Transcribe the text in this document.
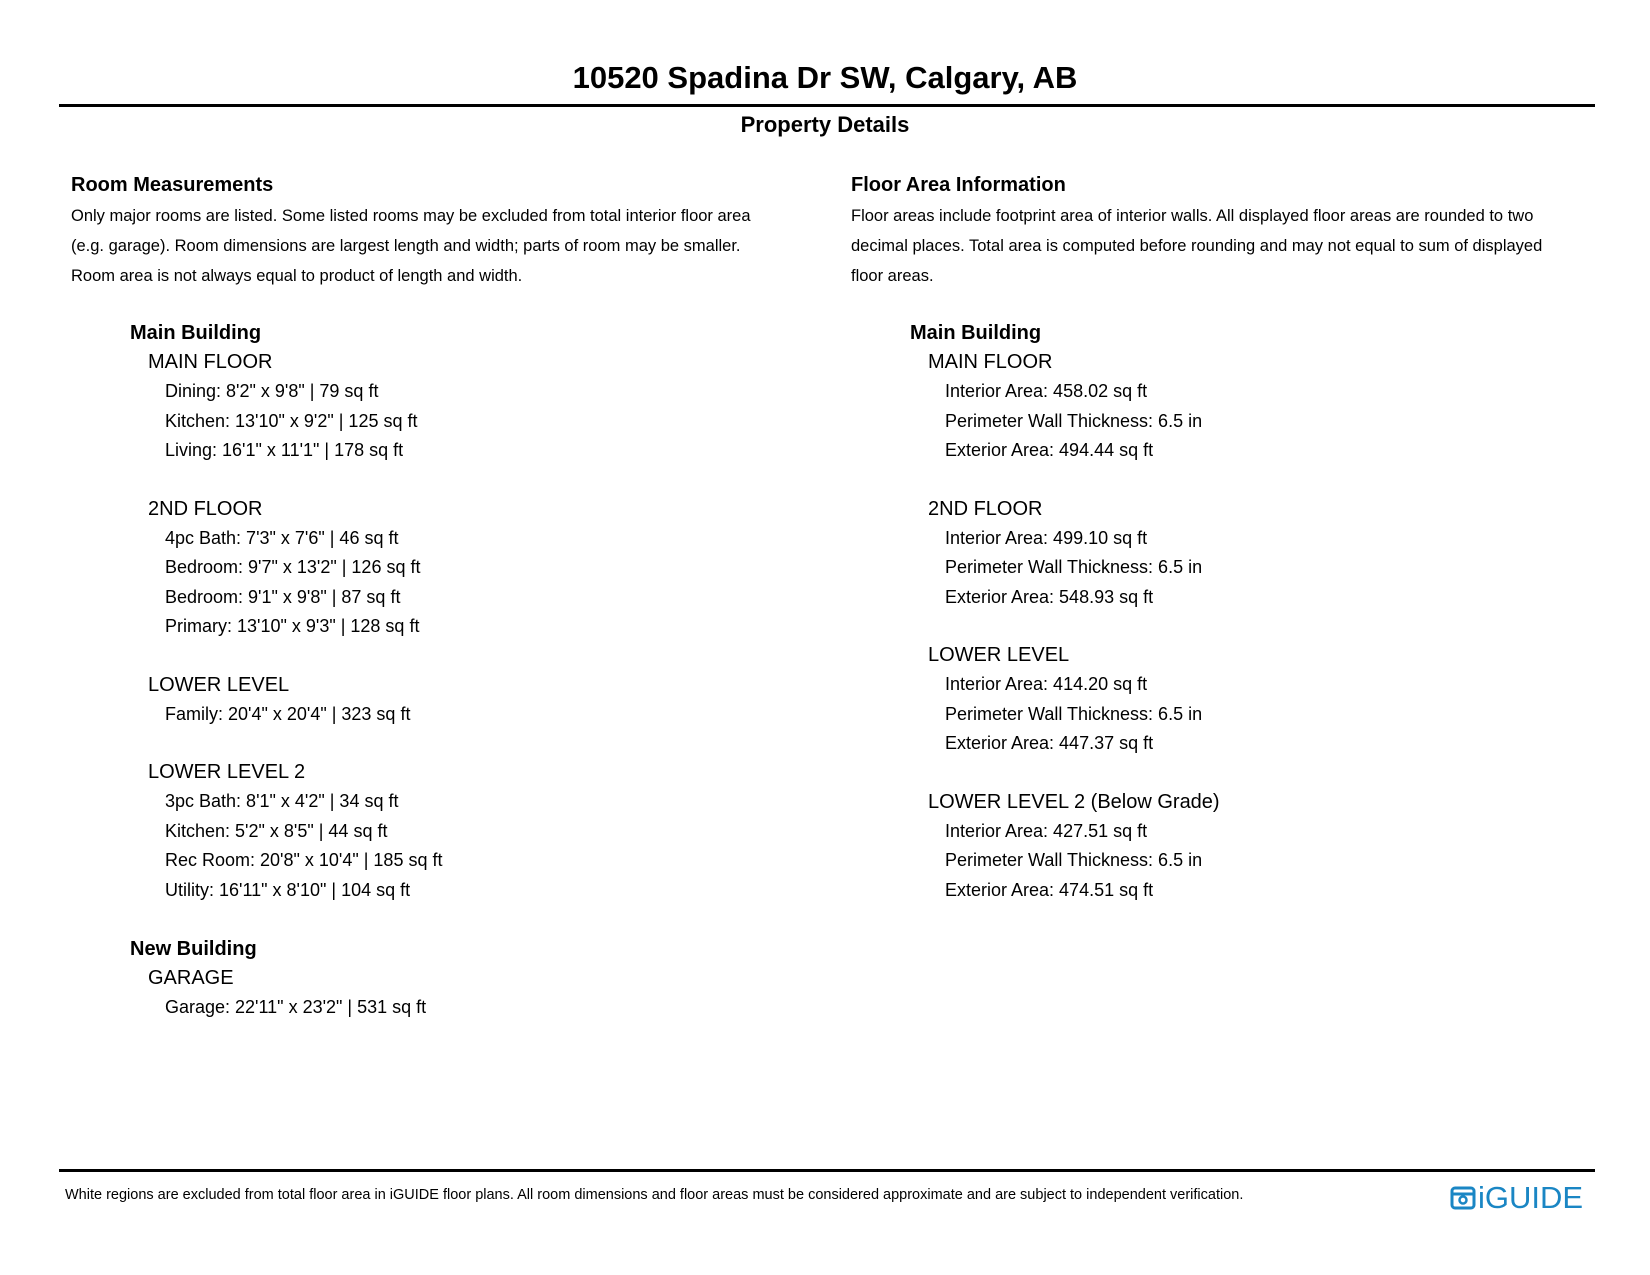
10520 Spadina Dr SW, Calgary, AB
Property Details
Room Measurements
Only major rooms are listed. Some listed rooms may be excluded from total interior floor area
(e.g. garage). Room dimensions are largest length and width; parts of room may be smaller.
Room area is not always equal to product of length and width.
Main Building
MAIN FLOOR
Dining: 8'2" x 9'8" | 79 sq ft
Kitchen: 13'10" x 9'2" | 125 sq ft
Living: 16'1" x 11'1" | 178 sq ft
2ND FLOOR
4pc Bath: 7'3" x 7'6" | 46 sq ft
Bedroom: 9'7" x 13'2" | 126 sq ft
Bedroom: 9'1" x 9'8" | 87 sq ft
Primary: 13'10" x 9'3" | 128 sq ft
LOWER LEVEL
Family: 20'4" x 20'4" | 323 sq ft
LOWER LEVEL 2
3pc Bath: 8'1" x 4'2" | 34 sq ft
Kitchen: 5'2" x 8'5" | 44 sq ft
Rec Room: 20'8" x 10'4" | 185 sq ft
Utility: 16'11" x 8'10" | 104 sq ft
New Building
GARAGE
Garage: 22'11" x 23'2" | 531 sq ft
Floor Area Information
Floor areas include footprint area of interior walls. All displayed floor areas are rounded to two
decimal places. Total area is computed before rounding and may not equal to sum of displayed
floor areas.
Main Building
MAIN FLOOR
Interior Area: 458.02 sq ft
Perimeter Wall Thickness: 6.5 in
Exterior Area: 494.44 sq ft
2ND FLOOR
Interior Area: 499.10 sq ft
Perimeter Wall Thickness: 6.5 in
Exterior Area: 548.93 sq ft
LOWER LEVEL
Interior Area: 414.20 sq ft
Perimeter Wall Thickness: 6.5 in
Exterior Area: 447.37 sq ft
LOWER LEVEL 2 (Below Grade)
Interior Area: 427.51 sq ft
Perimeter Wall Thickness: 6.5 in
Exterior Area: 474.51 sq ft
White regions are excluded from total floor area in iGUIDE floor plans. All room dimensions and floor areas must be considered approximate and are subject to independent verification.	iGUIDE
